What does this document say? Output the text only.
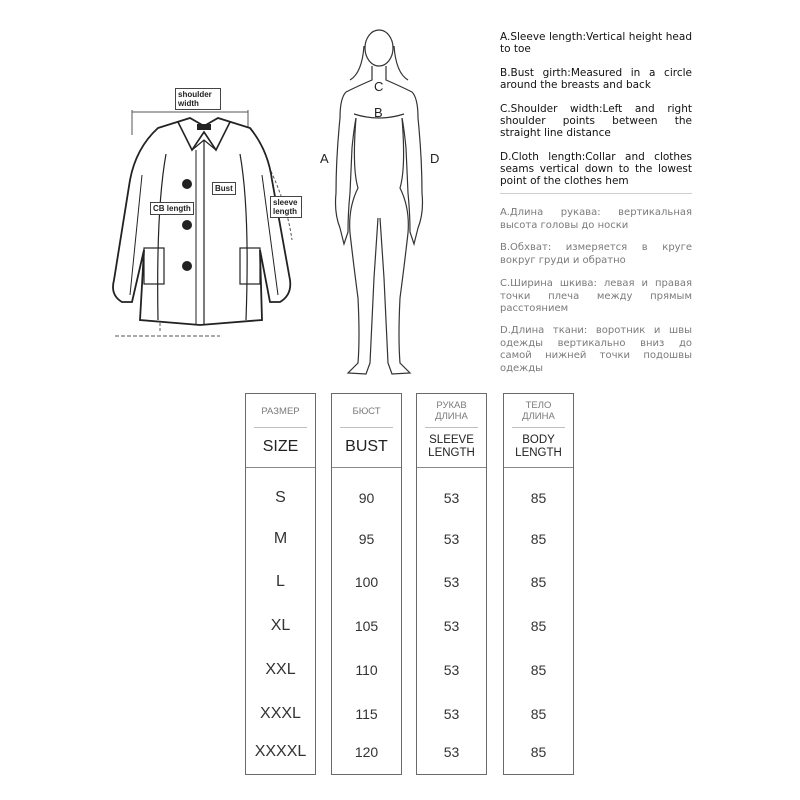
shoulder width
Bust
CB length
sleeve length
A
B
C
D
A.Sleeve length:Vertical height head to toe
B.Bust girth:Measured in a circle around the breasts and back
C.Shoulder width:Left and right shoulder points between the straight line distance
D.Cloth length:Collar and clothes seams vertical down to the lowest point of the clothes hem
A.Длина рукава: вертикальная высота головы до носки
B.Обхват: измеряется в круге вокруг груди и обратно
C.Ширина шкива: левая и правая точки плеча между прямым расстоянием
D.Длина ткани: воротник и швы одежды вертикально вниз до самой нижней точки подошвы одежды
РАЗМЕР
SIZE
S
M
L
XL
XXL
XXXL
XXXXL
БЮСТ
BUST
90
95
100
105
110
115
120
РУКАВ ДЛИНА
SLEEVE LENGTH
53
53
53
53
53
53
53
ТЕЛО ДЛИНА
BODY LENGTH
85
85
85
85
85
85
85
